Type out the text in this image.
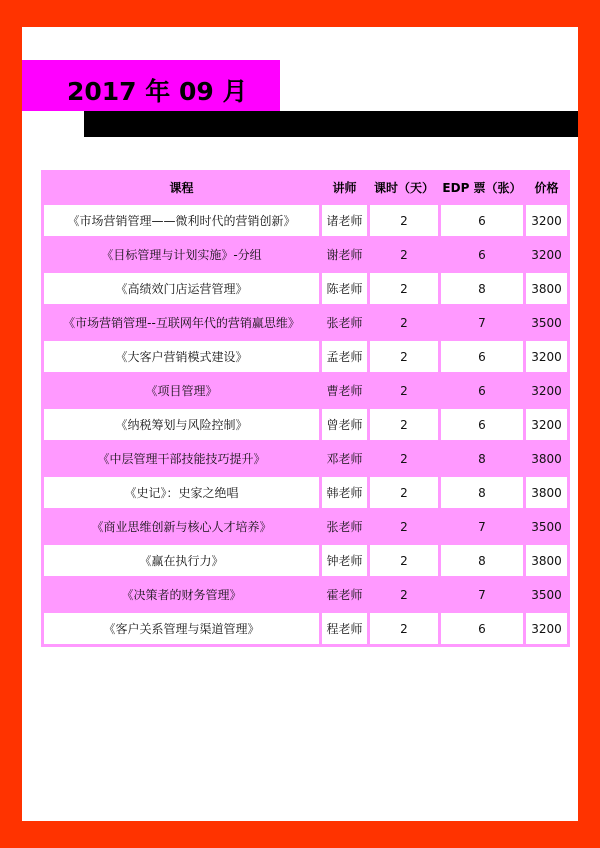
2017 年 09 月
课程	讲师	课时（天）	EDP 票（张）	价格
《市场营销管理——微利时代的营销创新》	诸老师	2	6	3200
《目标管理与计划实施》-分组	谢老师	2	6	3200
《高绩效门店运营管理》	陈老师	2	8	3800
《市场营销管理--互联网年代的营销赢思维》	张老师	2	7	3500
《大客户营销模式建设》	孟老师	2	6	3200
《项目管理》	曹老师	2	6	3200
《纳税筹划与风险控制》	曾老师	2	6	3200
《中层管理干部技能技巧提升》	邓老师	2	8	3800
《史记》：史家之绝唱	韩老师	2	8	3800
《商业思维创新与核心人才培养》	张老师	2	7	3500
《赢在执行力》	钟老师	2	8	3800
《决策者的财务管理》	霍老师	2	7	3500
《客户关系管理与渠道管理》	程老师	2	6	3200
